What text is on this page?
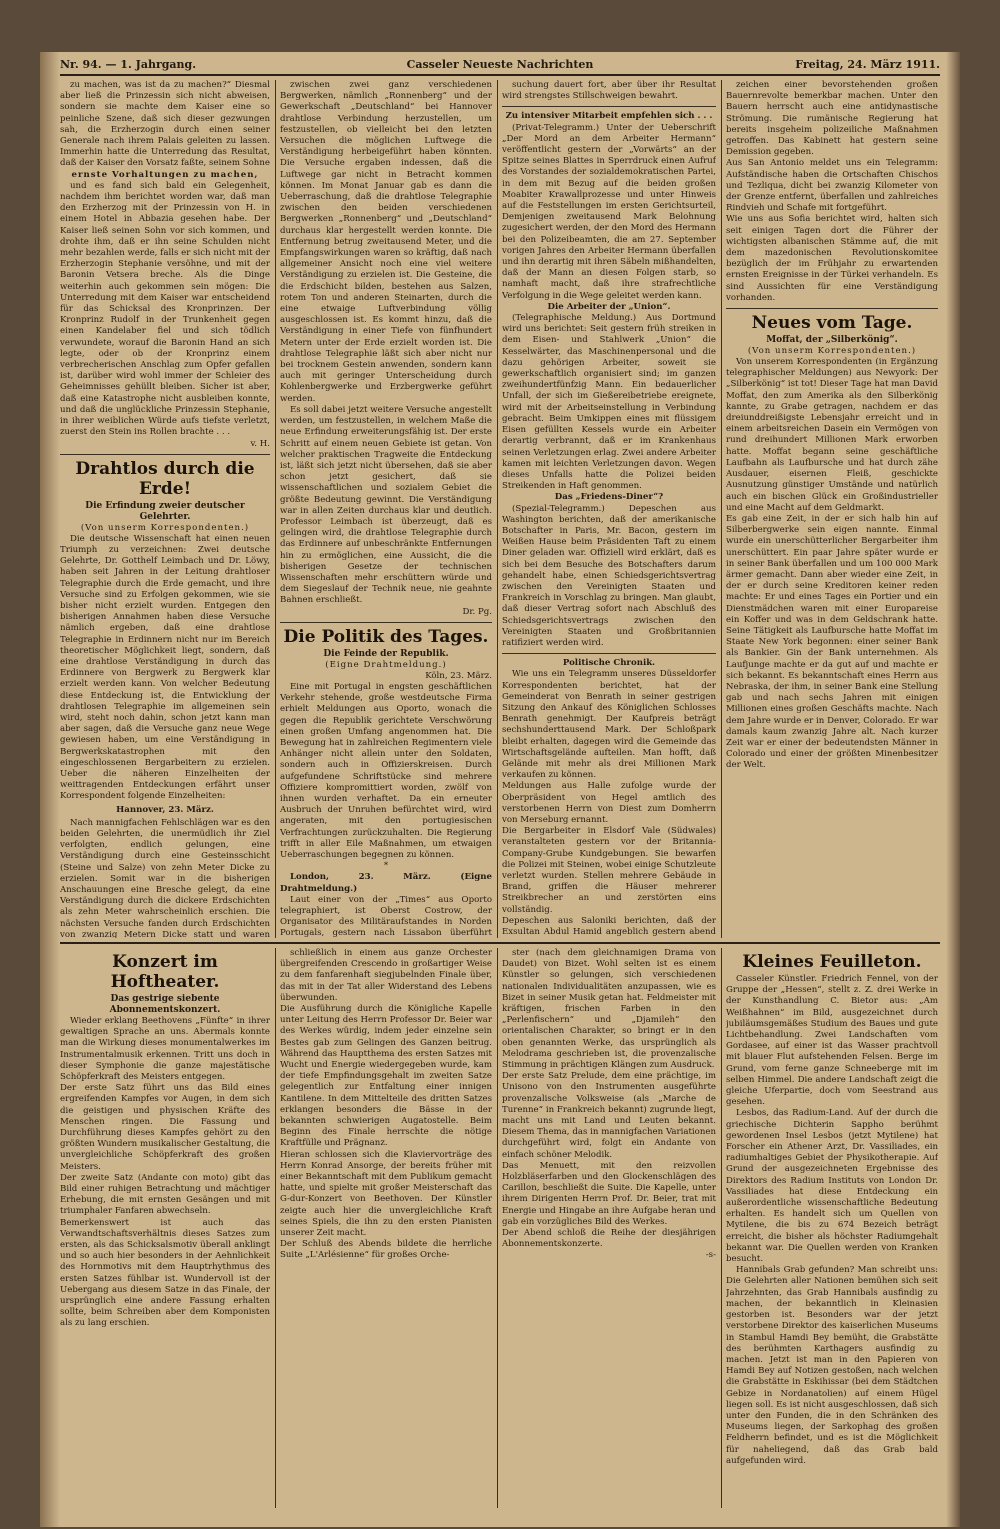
Nr. 94. — 1. Jahrgang.	Casseler Neueste Nachrichten	Freitag, 24. März 1911.

zu machen, was ist da zu machen?“ Diesmal aber ließ die Prinzessin sich nicht abweisen, sondern sie machte dem Kaiser eine so peinliche Szene, daß sich dieser gezwungen sah, die Erzherzogin durch einen seiner Generale nach ihrem Palais geleiten zu lassen. Immerhin hatte die Unterredung das Resultat, daß der Kaiser den Vorsatz faßte, seinem Sohne

ernste Vorhaltungen zu machen,

und es fand sich bald ein Gelegenheit, nachdem ihm berichtet worden war, daß man den Erzherzog mit der Prinzessin von H. in einem Hotel in Abbazia gesehen habe. Der Kaiser ließ seinen Sohn vor sich kommen, und drohte ihm, daß er ihn seine Schulden nicht mehr bezahlen werde, falls er sich nicht mit der Erzherzogin Stephanie versöhne, und mit der Baronin Vetsera breche. Als die Dinge weiterhin auch gekommen sein mögen: Die Unterredung mit dem Kaiser war entscheidend für das Schicksal des Kronprinzen. Der Kronprinz Rudolf in der Trunkenheit gegen einen Kandelaber fiel und sich tödlich verwundete, worauf die Baronin Hand an sich legte, oder ob der Kronprinz einem verbrecherischen Anschlag zum Opfer gefallen ist, darüber wird wohl immer der Schleier des Geheimnisses gehüllt bleiben. Sicher ist aber, daß eine Katastrophe nicht ausbleiben konnte, und daß die unglückliche Prinzessin Stephanie, in ihrer weiblichen Würde aufs tiefste verletzt, zuerst den Stein ins Rollen brachte . . .

v. H.
Drahtlos durch die Erde!
Die Erfindung zweier deutscher Gelehrter.
(Von unserm Korrespondenten.)

Die deutsche Wissenschaft hat einen neuen Triumph zu verzeichnen: Zwei deutsche Gelehrte, Dr. Gotthelf Leimbach und Dr. Löwy, haben seit Jahren in der Leitung drahtloser Telegraphie durch die Erde gemacht, und ihre Versuche sind zu Erfolgen gekommen, wie sie bisher nicht erzielt wurden. Entgegen den bisherigen Annahmen haben diese Versuche nämlich ergeben, daß eine drahtlose Telegraphie in Erdinnern nicht nur im Bereich theoretischer Möglichkeit liegt, sondern, daß eine drahtlose Verständigung in durch das Erdinnere von Bergwerk zu Bergwerk klar erzielt werden kann. Von welcher Bedeutung diese Entdeckung ist, die Entwicklung der drahtlosen Telegraphie im allgemeinen sein wird, steht noch dahin, schon jetzt kann man aber sagen, daß die Versuche ganz neue Wege gewiesen haben, um eine Verständigung in Bergwerkskatastrophen mit den eingeschlossenen Bergarbeitern zu erzielen. Ueber die näheren Einzelheiten der weittragenden Entdeckungen erfährt unser Korrespondent folgende Einzelheiten:

Hannover, 23. März.

Nach mannigfachen Fehlschlägen war es den beiden Gelehrten, die unermüdlich ihr Ziel verfolgten, endlich gelungen, eine Verständigung durch eine Gesteinsschicht (Steine und Salze) von zehn Meter Dicke zu erzielen. Somit war in die bisherigen Anschauungen eine Bresche gelegt, da eine Verständigung durch die dickere Erdschichten als zehn Meter wahrscheinlich erschien. Die nächsten Versuche fanden durch Erdschichten von zwanzig Metern Dicke statt und waren

zwischen zwei ganz verschiedenen Bergwerken, nämlich „Ronnenberg“ und der Gewerkschaft „Deutschland“ bei Hannover drahtlose Verbindung herzustellen, um festzustellen, ob vielleicht bei den letzten Versuchen die möglichen Luftwege die Verständigung herbeigeführt haben könnten. Die Versuche ergaben indessen, daß die Luftwege gar nicht in Betracht kommen können. Im Monat Januar gab es dann die Ueberraschung, daß die drahtlose Telegraphie zwischen den beiden verschiedenen Bergwerken „Ronnenberg“ und „Deutschland“ durchaus klar hergestellt werden konnte. Die Entfernung betrug zweitausend Meter, und die Empfangswirkungen waren so kräftig, daß nach allgemeiner Ansicht noch eine viel weitere Verständigung zu erzielen ist. Die Gesteine, die die Erdschicht bilden, bestehen aus Salzen, rotem Ton und anderen Steinarten, durch die eine etwaige Luftverbindung völlig ausgeschlossen ist. Es kommt hinzu, daß die Verständigung in einer Tiefe von fünfhundert Metern unter der Erde erzielt worden ist. Die drahtlose Telegraphie läßt sich aber nicht nur bei trocknem Gestein anwenden, sondern kann auch mit geringer Unterscheidung durch Kohlenbergwerke und Erzbergwerke geführt werden.

Es soll dabei jetzt weitere Versuche angestellt werden, um festzustellen, in welchem Maße die neue Erfindung erweiterungsfähig ist. Der erste Schritt auf einem neuen Gebiete ist getan. Von welcher praktischen Tragweite die Entdeckung ist, läßt sich jetzt nicht übersehen, daß sie aber schon jetzt gesichert, daß sie wissenschaftlichen und sozialem Gebiet die größte Bedeutung gewinnt. Die Verständigung war in allen Zeiten durchaus klar und deutlich. Professor Leimbach ist überzeugt, daß es gelingen wird, die drahtlose Telegraphie durch das Erdinnere auf unbeschränkte Entfernungen hin zu ermöglichen, eine Aussicht, die die bisherigen Gesetze der technischen Wissenschaften mehr erschüttern würde und dem Siegeslauf der Technik neue, nie geahnte Bahnen erschließt.

Dr. Pg.
Die Politik des Tages.
Die Feinde der Republik.
(Eigne Drahtmeldung.)
Köln, 23. März.

Eine mit Portugal in engsten geschäftlichen Verkehr stehende, große westdeutsche Firma erhielt Meldungen aus Oporto, wonach die gegen die Republik gerichtete Verschwörung einen großen Umfang angenommen hat. Die Bewegung hat in zahlreichen Regimentern viele Anhänger nicht allein unter den Soldaten, sondern auch in Offizierskreisen. Durch aufgefundene Schriftstücke sind mehrere Offiziere kompromittiert worden, zwölf von ihnen wurden verhaftet. Da ein erneuter Ausbruch der Unruhen befürchtet wird, wird angeraten, mit den portugiesischen Verfrachtungen zurückzuhalten. Die Regierung trifft in aller Eile Maßnahmen, um etwaigen Ueberraschungen begegnen zu können.

*
London, 23. März. (Eigne Drahtmeldung.)

Laut einer von der „Times“ aus Oporto telegraphiert, ist Oberst Costrow, der Organisator des Militäraufstandes in Norden Portugals, gestern nach Lissabon überführt

suchung dauert fort, aber über ihr Resultat wird strengstes Stillschweigen bewahrt.

Zu intensiver Mitarbeit empfehlen sich . . .

(Privat-Telegramm.) Unter der Ueberschrift „Der Mord an dem Arbeiter Hermann“ veröffentlicht gestern der „Vorwärts“ an der Spitze seines Blattes in Sperrdruck einen Aufruf des Vorstandes der sozialdemokratischen Partei, in dem mit Bezug auf die beiden großen Moabiter Krawallprozesse und unter Hinweis auf die Feststellungen im ersten Gerichtsurteil, Demjenigen zweitausend Mark Belohnung zugesichert werden, der den Mord des Hermann bei den Polizeibeamten, die am 27. September vorigen Jahres den Arbeiter Hermann überfallen und ihn derartig mit ihren Säbeln mißhandelten, daß der Mann an diesen Folgen starb, so namhaft macht, daß ihre strafrechtliche Verfolgung in die Wege geleitet werden kann.

Die Arbeiter der „Union“.

(Telegraphische Meldung.) Aus Dortmund wird uns berichtet: Seit gestern früh streiken in dem Eisen- und Stahlwerk „Union“ die Kesselwärter, das Maschinenpersonal und die dazu gehörigen Arbeiter, soweit sie gewerkschaftlich organisiert sind; im ganzen zweihundertfünfzig Mann. Ein bedauerlicher Unfall, der sich im Gießereibetriebe ereignete, wird mit der Arbeitseinstellung in Verbindung gebracht. Beim Umkippen eines mit flüssigem Eisen gefüllten Kessels wurde ein Arbeiter derartig verbrannt, daß er im Krankenhaus seinen Verletzungen erlag. Zwei andere Arbeiter kamen mit leichten Verletzungen davon. Wegen dieses Unfalls hatte die Polizei beiden Streikenden in Haft genommen.

Das „Friedens-Diner“?

(Spezial-Telegramm.) Depeschen aus Washington berichten, daß der amerikanische Botschafter in Paris, Mr. Bacon, gestern im Weißen Hause beim Präsidenten Taft zu einem Diner geladen war. Offiziell wird erklärt, daß es sich bei dem Besuche des Botschafters darum gehandelt habe, einen Schiedsgerichtsvertrag zwischen den Vereinigten Staaten und Frankreich in Vorschlag zu bringen. Man glaubt, daß dieser Vertrag sofort nach Abschluß des Schiedsgerichtsvertrags zwischen den Vereinigten Staaten und Großbritannien ratifiziert werden wird.

Politische Chronik.

Wie uns ein Telegramm unseres Düsseldorfer Korrespondenten berichtet, hat der Gemeinderat von Benrath in seiner gestrigen Sitzung den Ankauf des Königlichen Schlosses Benrath genehmigt. Der Kaufpreis beträgt sechshunderttausend Mark. Der Schloßpark bleibt erhalten, dagegen wird die Gemeinde das Wirtschaftsgelände aufteilen. Man hofft, daß Gelände mit mehr als drei Millionen Mark verkaufen zu können.
Meldungen aus Halle zufolge wurde der Oberpräsident von Hegel amtlich des verstorbenen Herrn von Diest zum Domherrn von Merseburg ernannt.
Die Bergarbeiter in Elsdorf Vale (Südwales) veranstalteten gestern vor der Britannia-Company-Grube Kundgebungen. Sie bewarfen die Polizei mit Steinen, wobei einige Schutzleute verletzt wurden. Stellen mehrere Gebäude in Brand, griffen die Häuser mehrerer Streikbrecher an und zerstörten eins vollständig.
Depeschen aus Saloniki berichten, daß der Exsultan Abdul Hamid angeblich gestern abend

zeichen einer bevorstehenden großen Bauernrevolte bemerkbar machen. Unter den Bauern herrscht auch eine antidynastische Strömung. Die rumänische Regierung hat bereits insgeheim polizeiliche Maßnahmen getroffen. Das Kabinett hat gestern seine Demission gegeben.
Aus San Antonio meldet uns ein Telegramm: Aufständische haben die Ortschaften Chischos und Tezliqua, dicht bei zwanzig Kilometer von der Grenze entfernt, überfallen und zahlreiches Rindvieh und Schafe mit fortgeführt.
Wie uns aus Sofia berichtet wird, halten sich seit einigen Tagen dort die Führer der wichtigsten albanischen Stämme auf, die mit dem mazedonischen Revolutionskomitee bezüglich der im Frühjahr zu erwartenden ernsten Ereignisse in der Türkei verhandeln. Es sind Aussichten für eine Verständigung vorhanden.

Neues vom Tage.
Moffat, der „Silberkönig“.
(Von unserm Korrespondenten.)

Von unserem Korrespondenten (in Ergänzung telegraphischer Meldungen) aus Newyork: Der „Silberkönig“ ist tot! Dieser Tage hat man David Moffat, den zum Amerika als den Silberkönig kannte, zu Grabe getragen, nachdem er das dreiunddreißigste Lebensjahr erreicht und in einem arbeitsreichen Dasein ein Vermögen von rund dreihundert Millionen Mark erworben hatte. Moffat begann seine geschäftliche Laufbahn als Laufbursche und hat durch zähe Ausdauer, eisernen Fleiß, geschickte Ausnutzung günstiger Umstände und natürlich auch ein bischen Glück ein Großindustrieller und eine Macht auf dem Geldmarkt.
Es gab eine Zeit, in der er sich halb hin auf Silberbergwerke sein eigen nannte. Einmal wurde ein unerschütterlicher Bergarbeiter ihm unerschüttert. Ein paar Jahre später wurde er in seiner Bank überfallen und um 100 000 Mark ärmer gemacht. Dann aber wieder eine Zeit, in der er durch seine Kreditoren keiner reden machte: Er und eines Tages ein Portier und ein Dienstmädchen waren mit einer Europareise ein Koffer und was in dem Geldschrank hatte. Seine Tätigkeit als Laufbursche hatte Moffat im Staate New York begonnen: einer seiner Bank als Bankier. Gin der Bank unternehmen. Als Laufjunge machte er da gut auf und machte er sich bekannt. Es bekanntschaft eines Herrn aus Nebraska, der ihm, in seiner Bank eine Stellung gab und nach sechs Jahren mit einigen Millionen eines großen Geschäfts machte. Nach dem Jahre wurde er in Denver, Colorado. Er war damals kaum zwanzig Jahre alt. Nach kurzer Zeit war er einer der bedeutendsten Männer in Colorado und einer der größten Minenbesitzer der Welt.

Konzert im Hoftheater.
Das gestrige siebente Abonnementskonzert.

Wieder erklang Beethovens „Fünfte“ in ihrer gewaltigen Sprache an uns. Abermals konnte man die Wirkung dieses monumentalwerkes im Instrumentalmusik erkennen. Tritt uns doch in dieser Symphonie die ganze majestätische Schöpferkraft des Meisters entgegen.
Der erste Satz führt uns das Bild eines ergreifenden Kampfes vor Augen, in dem sich die geistigen und physischen Kräfte des Menschen ringen. Die Fassung und Durchführung dieses Kampfes gehört zu den größten Wundern musikalischer Gestaltung, die unvergleichliche Schöpferkraft des großen Meisters.
Der zweite Satz (Andante con moto) gibt das Bild einer ruhigen Betrachtung und mächtiger Erhebung, die mit ernsten Gesängen und mit triumphaler Fanfaren abwechseln.
Bemerkenswert ist auch das Verwandtschaftsverhältnis dieses Satzes zum ersten, als das Schicksalsmotiv überall anklingt und so auch hier besonders in der Aehnlichkeit des Hornmotivs mit dem Hauptrhythmus des ersten Satzes fühlbar ist. Wundervoll ist der Uebergang aus diesem Satze in das Finale, der ursprünglich eine andere Fassung erhalten sollte, beim Schreiben aber dem Komponisten als zu lang erschien.

schließlich in einem aus ganze Orchester übergreifenden Crescendo in großartiger Weise zu dem fanfarenhaft siegjubelnden Finale über, das mit in der Tat aller Widerstand des Lebens überwunden.
Die Ausführung durch die Königliche Kapelle unter Leitung des Herrn Professor Dr. Beier war des Werkes würdig, indem jeder einzelne sein Bestes gab zum Gelingen des Ganzen beitrug. Während das Hauptthema des ersten Satzes mit Wucht und Energie wiedergegeben wurde, kam der tiefe Empfindungsgehalt im zweiten Satze gelegentlich zur Entfaltung einer innigen Kantilene. In dem Mittelteile des dritten Satzes erklangen besonders die Bässe in der bekannten schwierigen Augatostelle. Beim Beginn des Finale herrschte die nötige Kraftfülle und Prägnanz.
Hieran schlossen sich die Klaviervorträge des Herrn Konrad Ansorge, der bereits früher mit einer Bekanntschaft mit dem Publikum gemacht hatte, und spielte mit großer Meisterschaft das G-dur-Konzert von Beethoven. Der Künstler zeigte auch hier die unvergleichliche Kraft seines Spiels, die ihn zu den ersten Pianisten unserer Zeit macht.
Der Schluß des Abends bildete die herrliche Suite „L'Arlésienne“ für großes Orche-

ster (nach dem gleichnamigen Drama von Daudet) von Bizet. Wohl selten ist es einem Künstler so gelungen, sich verschiedenen nationalen Individualitäten anzupassen, wie es Bizet in seiner Musik getan hat. Feldmeister mit kräftigen, frischen Farben in den „Perlenfischern“ und „Djamileh“ den orientalischen Charakter, so bringt er in den oben genannten Werke, das ursprünglich als Melodrama geschrieben ist, die provenzalische Stimmung in prächtigen Klängen zum Ausdruck.
Der erste Satz Prelude, dem eine prächtige, im Unisono von den Instrumenten ausgeführte provenzalische Volksweise (als „Marche de Turenne“ in Frankreich bekannt) zugrunde liegt, macht uns mit Land und Leuten bekannt. Diesem Thema, das in mannigfachen Variationen durchgeführt wird, folgt ein Andante von einfach schöner Melodik.
Das Menuett, mit den reizvollen Holzbläserfarben und den Glockenschlägen des Carillon, beschließt die Suite. Die Kapelle, unter ihrem Dirigenten Herrn Prof. Dr. Beier, trat mit Energie und Hingabe an ihre Aufgabe heran und gab ein vorzügliches Bild des Werkes.
Der Abend schloß die Reihe der diesjährigen Abonnementskonzerte.

-s-
Kleines Feuilleton.

Casseler Künstler. Friedrich Fennel, von der Gruppe der „Hessen“, stellt z. Z. drei Werke in der Kunsthandlung C. Bietor aus: „Am Weißhahnen“ im Bild, ausgezeichnet durch jubiläumsgemäßes Studium des Baues und gute Lichtbehandlung. Zwei Landschaften vom Gordasee, auf einer ist das Wasser prachtvoll mit blauer Flut aufstehenden Felsen. Berge im Grund, vom ferne ganze Schneeberge mit im selben Himmel. Die andere Landschaft zeigt die gleiche Uferpartie, doch vom Seestrand aus gesehen.

Lesbos, das Radium-Land. Auf der durch die griechische Dichterin Sappho berühmt gewordenen Insel Lesbos (jetzt Mytilene) hat Forscher ein Athener Arzt, Dr. Vassiliades, ein radiumhaltiges Gebiet der Physikotherapie. Auf Grund der ausgezeichneten Ergebnisse des Direktors des Radium Instituts von London Dr. Vassiliades hat diese Entdeckung ein außerordentliche wissenschaftliche Bedeutung erhalten. Es handelt sich um Quellen von Mytilene, die bis zu 674 Bezeich beträgt erreicht, die bisher als höchster Radiumgehalt bekannt war. Die Quellen werden von Kranken besucht.

Hannibals Grab gefunden? Man schreibt uns: Die Gelehrten aller Nationen bemühen sich seit Jahrzehnten, das Grab Hannibals ausfindig zu machen, der bekanntlich in Kleinasien gestorben ist. Besonders war der jetzt verstorbene Direktor des kaiserlichen Museums in Stambul Hamdi Bey bemüht, die Grabstätte des berühmten Karthagers ausfindig zu machen. Jetzt ist man in den Papieren von Hamdi Bey auf Notizen gestoßen, nach welchen die Grabstätte in Eskihissar (bei dem Städtchen Gebize in Nordanatolien) auf einem Hügel liegen soll. Es ist nicht ausgeschlossen, daß sich unter den Funden, die in den Schränken des Museums liegen, der Sarkophag des großen Feldherrn befindet, und es ist die Möglichkeit für naheliegend, daß das Grab bald aufgefunden wird.
